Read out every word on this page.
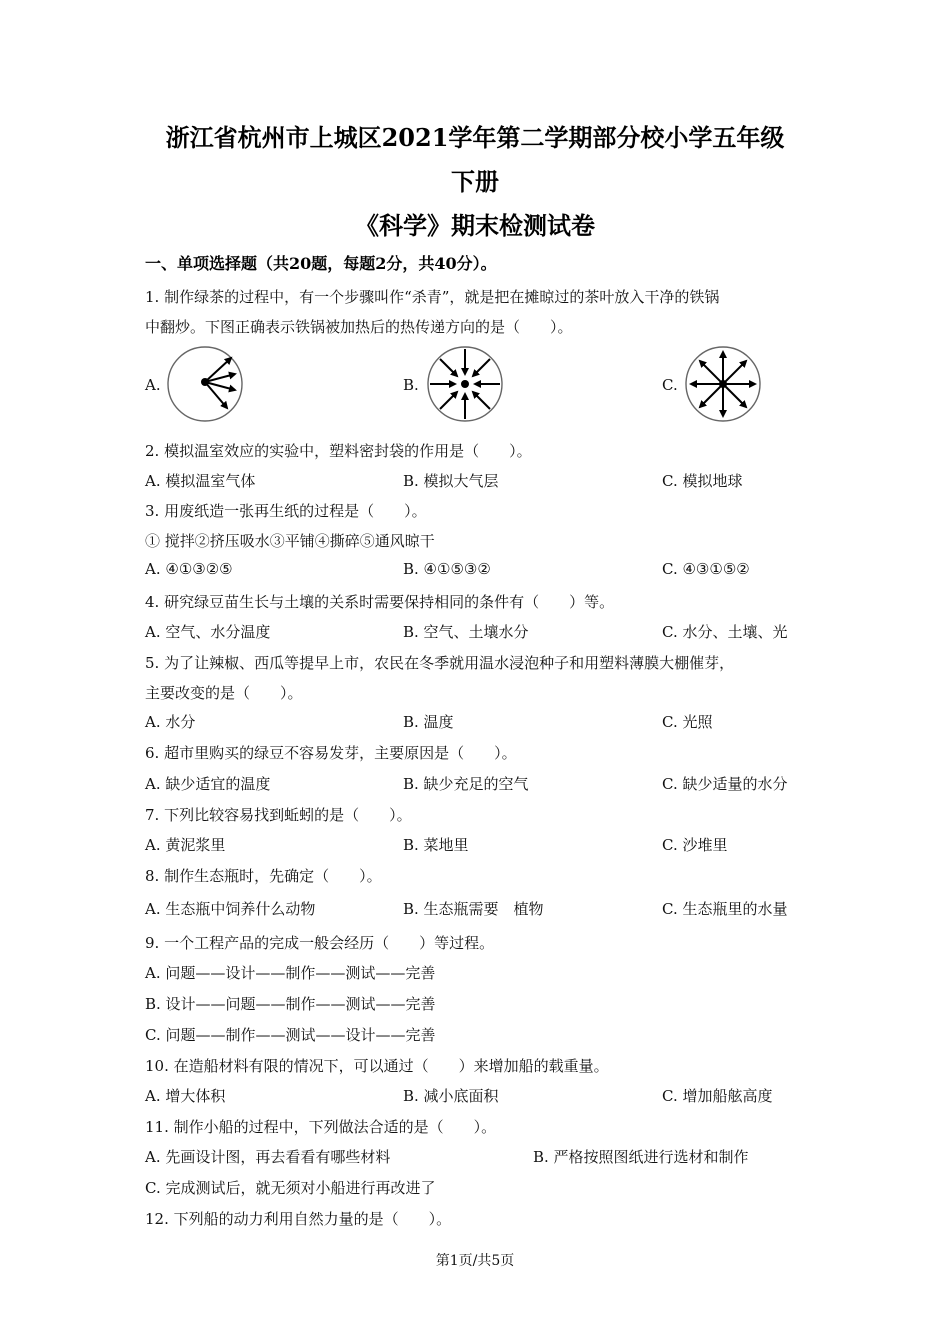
浙江省杭州市上城区2021学年第二学期部分校小学五年级
下册
《科学》期末检测试卷
一、单项选择题（共20题，每题2分，共40分）。
1. 制作绿茶的过程中，有一个步骤叫作“杀青”，就是把在摊晾过的茶叶放入干净的铁锅
中翻炒。下图正确表示铁锅被加热后的热传递方向的是（　　）。
A.	B.	C.
2. 模拟温室效应的实验中，塑料密封袋的作用是（　　）。
A. 模拟温室气体	B. 模拟大气层	C. 模拟地球
3. 用废纸造一张再生纸的过程是（　　）。
① 搅拌②挤压吸水③平铺④撕碎⑤通风晾干
A. ④①③②⑤	B. ④①⑤③②	C. ④③①⑤②
4. 研究绿豆苗生长与土壤的关系时需要保持相同的条件有（　　）等。
A. 空气、水分温度	B. 空气、土壤水分	C. 水分、土壤、光
5. 为了让辣椒、西瓜等提早上市，农民在冬季就用温水浸泡种子和用塑料薄膜大棚催芽，
主要改变的是（　　）。
A. 水分	B. 温度	C. 光照
6. 超市里购买的绿豆不容易发芽，主要原因是（　　）。
A. 缺少适宜的温度	B. 缺少充足的空气	C. 缺少适量的水分
7. 下列比较容易找到蚯蚓的是（　　）。
A. 黄泥浆里	B. 菜地里	C. 沙堆里
8. 制作生态瓶时，先确定（　　）。
A. 生态瓶中饲养什么动物	B. 生态瓶需要　植物	C. 生态瓶里的水量
9. 一个工程产品的完成一般会经历（　　）等过程。
A. 问题——设计——制作——测试——完善
B. 设计——问题——制作——测试——完善
C. 问题——制作——测试——设计——完善
10. 在造船材料有限的情况下，可以通过（　　）来增加船的载重量。
A. 增大体积	B. 减小底面积	C. 增加船舷高度
11. 制作小船的过程中，下列做法合适的是（　　）。
A. 先画设计图，再去看看有哪些材料	B. 严格按照图纸进行选材和制作
C. 完成测试后，就无须对小船进行再改进了
12. 下列船的动力利用自然力量的是（　　）。
第1页/共5页
